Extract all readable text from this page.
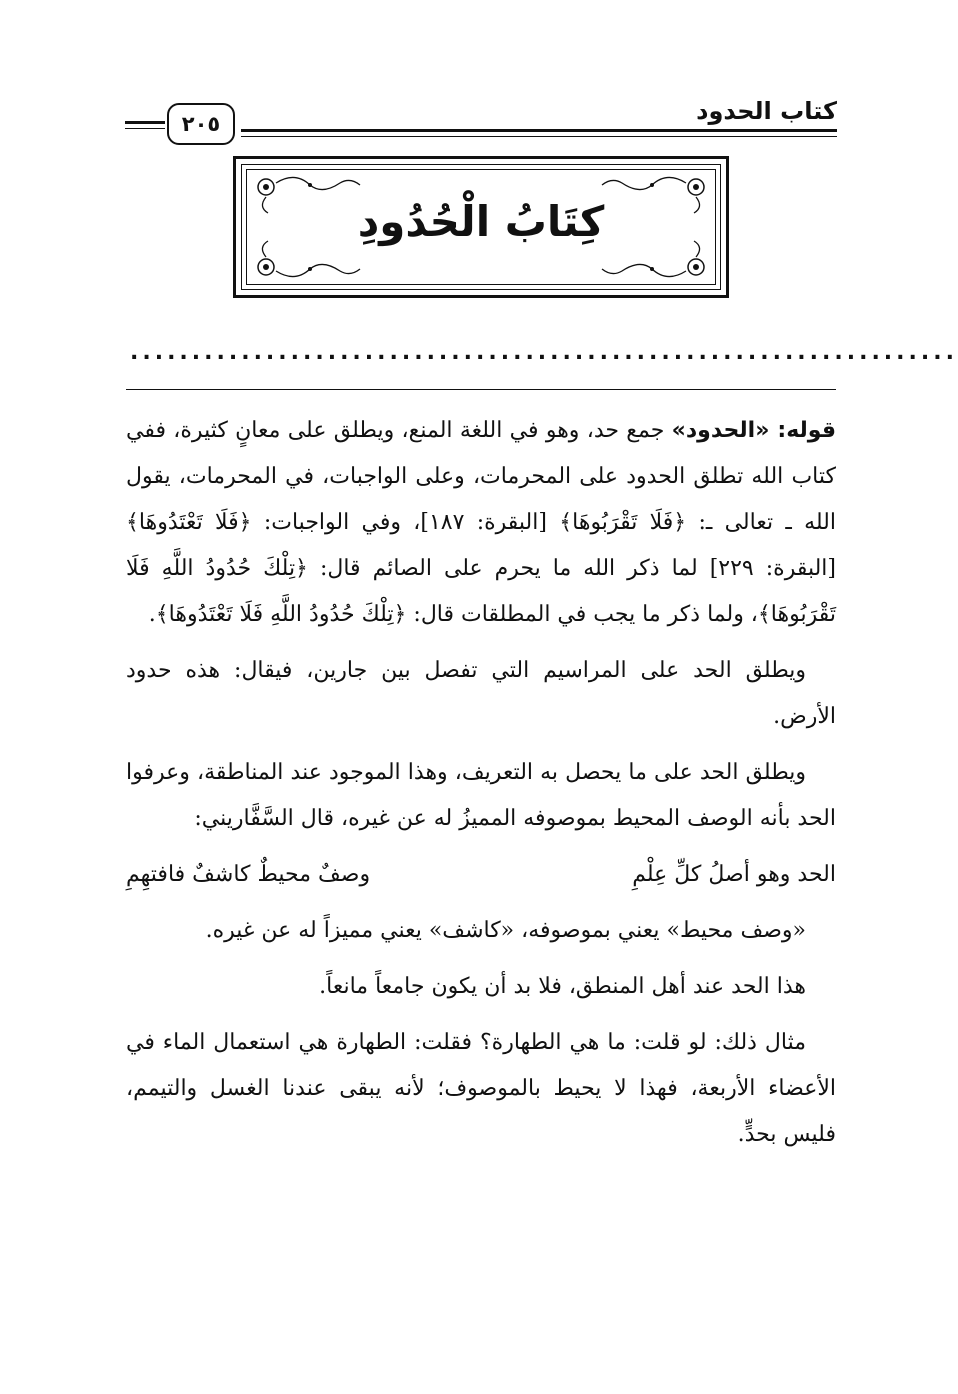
كتاب الحدود
٢٠٥
كِتَابُ الْحُدُودِ
...................................................................

قوله: «الحدود» جمع حد، وهو في اللغة المنع، ويطلق على معانٍ كثيرة، ففي كتاب الله تطلق الحدود على المحرمات، وعلى الواجبات، في المحرمات، يقول الله ـ تعالى ـ: ﴿فَلَا تَقْرَبُوهَا﴾ [البقرة: ١٨٧]، وفي الواجبات: ﴿فَلَا تَعْتَدُوهَا﴾ [البقرة: ٢٢٩] لما ذكر الله ما يحرم على الصائم قال: ﴿تِلْكَ حُدُودُ اللَّهِ فَلَا تَقْرَبُوهَا﴾، ولما ذكر ما يجب في المطلقات قال: ﴿تِلْكَ حُدُودُ اللَّهِ فَلَا تَعْتَدُوهَا﴾.

ويطلق الحد على المراسيم التي تفصل بين جارين، فيقال: هذه حدود الأرض.

ويطلق الحد على ما يحصل به التعريف، وهذا الموجود عند المناطقة، وعرفوا الحد بأنه الوصف المحيط بموصوفه المميزُ له عن غيره، قال السَّفَّاريني:

الحد وهو أصلُ كلِّ عِلْمِ
وصفٌ محيطٌ كاشفٌ فافتهِمِ

«وصف محيط» يعني بموصوفه، «كاشف» يعني مميزاً له عن غيره.

هذا الحد عند أهل المنطق، فلا بد أن يكون جامعاً مانعاً.

مثال ذلك: لو قلت: ما هي الطهارة؟ فقلت: الطهارة هي استعمال الماء في الأعضاء الأربعة، فهذا لا يحيط بالموصوف؛ لأنه يبقى عندنا الغسل والتيمم، فليس بحدٍّ.
